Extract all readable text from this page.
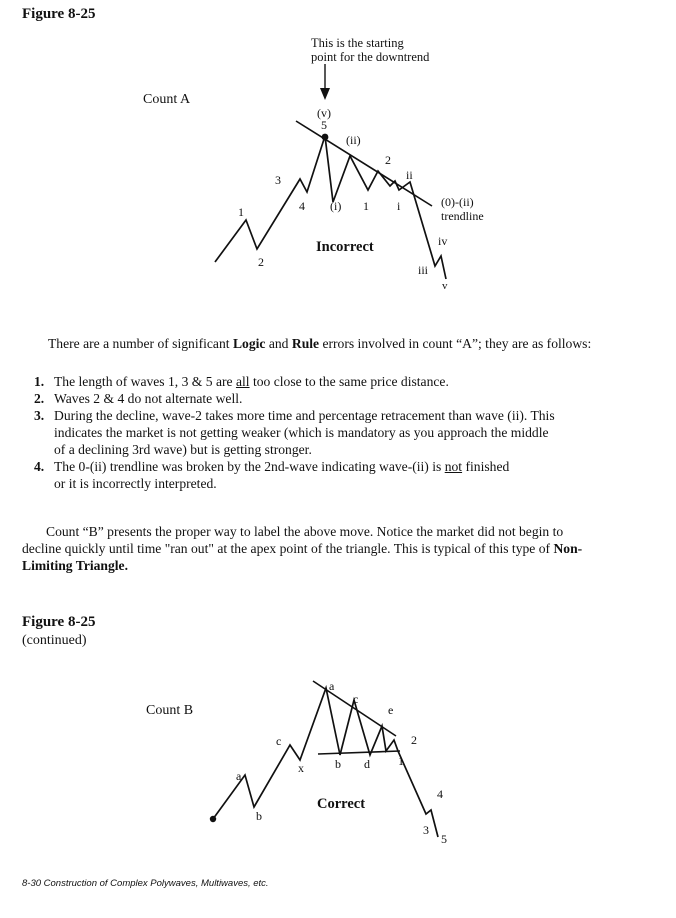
Figure 8-25
1
2
3
4
(v)
5
(ii)
(i) 1
2
ii
i
iv
iii
v
This is the starting
point for the downtrend
Count A
(0)-(ii)
trendline
Incorrect
There are a number of significant Logic and Rule errors involved in count “A”; they are as follows:
1. The length of waves 1, 3 & 5 are all too close to the same price distance.
2. Waves 2 & 4 do not alternate well.
3. During the decline, wave-2 takes more time and percentage retracement than wave (ii). This
indicates the market is not getting weaker (which is mandatory as you approach the middle
of a declining 3rd wave) but is getting stronger.
4. The 0-(ii) trendline was broken by the 2nd-wave indicating wave-(ii) is not finished
or it is incorrectly interpreted.
Count “B” presents the proper way to label the above move. Notice the market did not begin to
decline quickly until time "ran out" at the apex point of the triangle. This is typical of this type of Non-
Limiting Triangle.
Figure 8-25
(continued)
Count B
a
b
c
x
a
b
c
d
e
1
2
3
4
5
Correct
8-30 Construction of Complex Polywaves, Multiwaves, etc.
